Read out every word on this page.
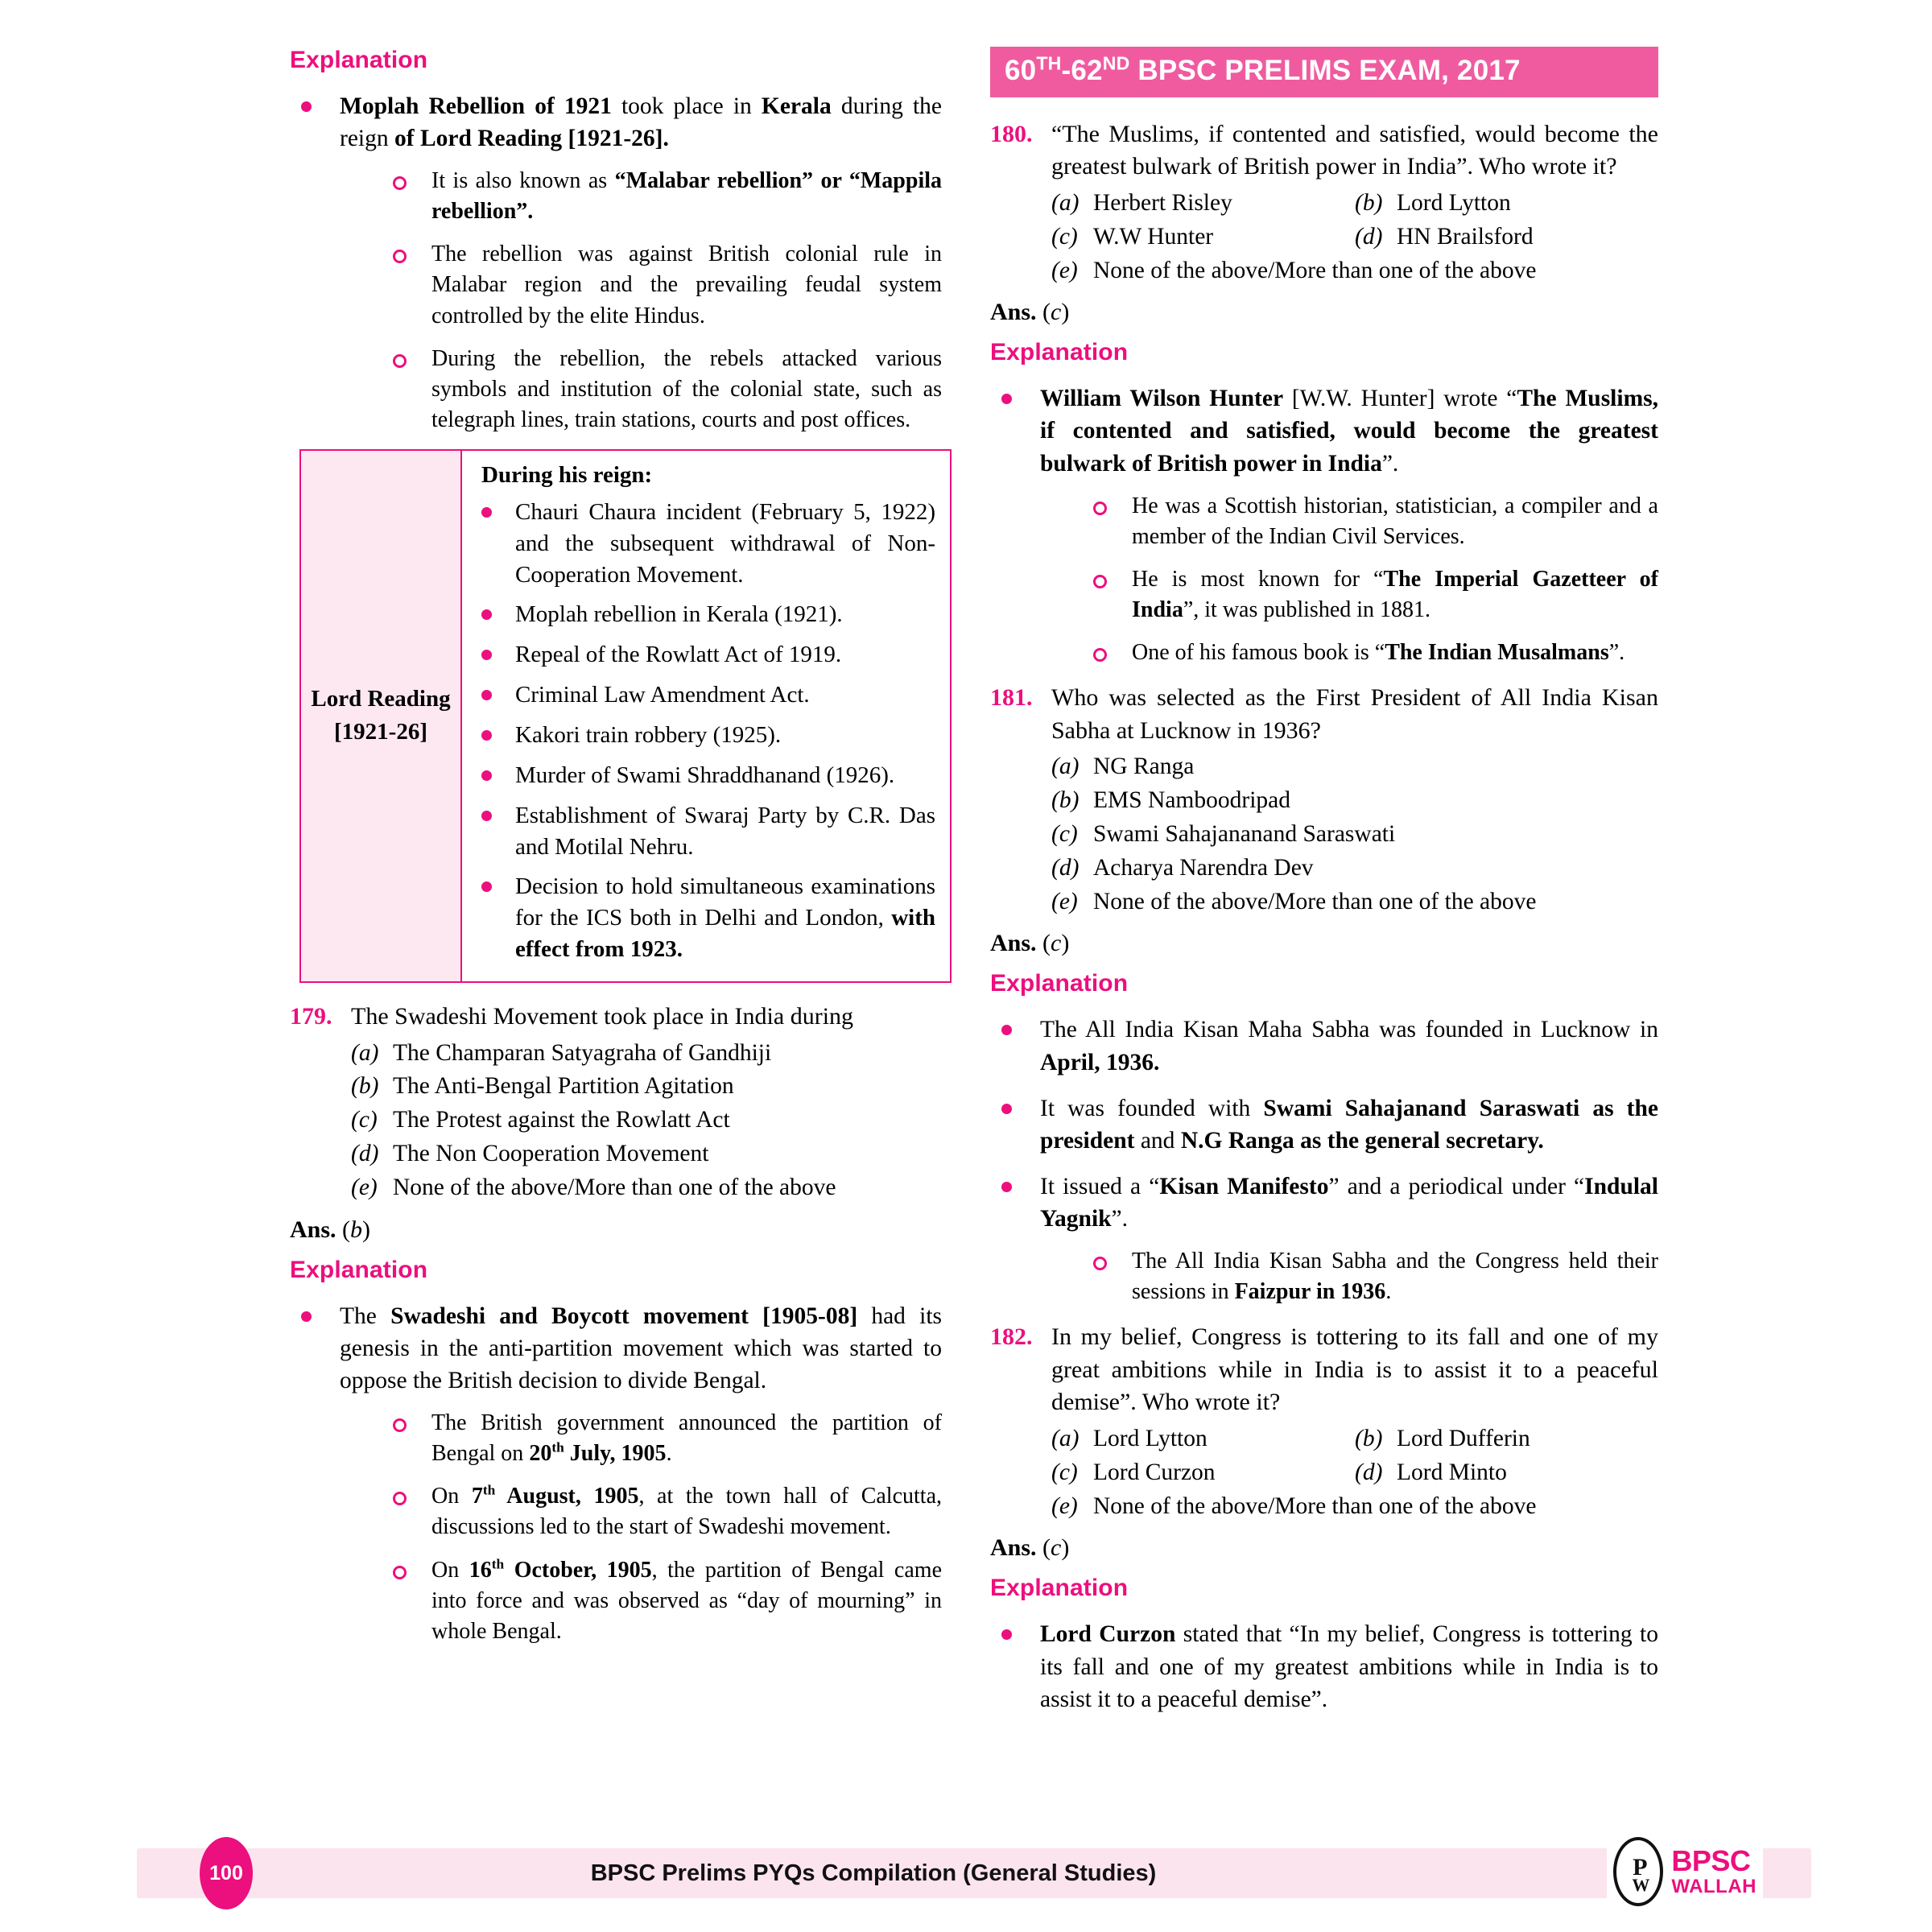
Explanation
Moplah Rebellion of 1921 took place in Kerala during the reign of Lord Reading [1921-26].
It is also known as “Malabar rebellion” or “Mappila rebellion”.
The rebellion was against British colonial rule in Malabar region and the prevailing feudal system controlled by the elite Hindus.
During the rebellion, the rebels attacked various symbols and institution of the colonial state, such as telegraph lines, train stations, courts and post offices.
Lord Reading [1921-26]	
During his reign:
Chauri Chaura incident (February 5, 1922) and the subsequent withdrawal of Non-Cooperation Movement.
Moplah rebellion in Kerala (1921).
Repeal of the Rowlatt Act of 1919.
Criminal Law Amendment Act.
Kakori train robbery (1925).
Murder of Swami Shraddhanand (1926).
Establishment of Swaraj Party by C.R. Das and Motilal Nehru.
Decision to hold simultaneous examinations for the ICS both in Delhi and London, with effect from 1923.
179. The Swadeshi Movement took place in India during
(a) The Champaran Satyagraha of Gandhiji
(b) The Anti-Bengal Partition Agitation
(c) The Protest against the Rowlatt Act
(d) The Non Cooperation Movement
(e) None of the above/More than one of the above
Ans. (b)
Explanation
The Swadeshi and Boycott movement [1905-08] had its genesis in the anti-partition movement which was started to oppose the British decision to divide Bengal.
The British government announced the partition of Bengal on 20th July, 1905.
On 7th August, 1905, at the town hall of Calcutta, discussions led to the start of Swadeshi movement.
On 16th October, 1905, the partition of Bengal came into force and was observed as “day of mourning” in whole Bengal.
60TH-62ND BPSC PRELIMS EXAM, 2017
180. “The Muslims, if contented and satisfied, would become the greatest bulwark of British power in India”. Who wrote it?
(a) Herbert Risley	(b) Lord Lytton
(c) W.W Hunter	(d) HN Brailsford
(e) None of the above/More than one of the above
Ans. (c)
Explanation
William Wilson Hunter [W.W. Hunter] wrote “The Muslims, if contented and satisfied, would become the greatest bulwark of British power in India”.
He was a Scottish historian, statistician, a compiler and a member of the Indian Civil Services.
He is most known for “The Imperial Gazetteer of India”, it was published in 1881.
One of his famous book is “The Indian Musalmans”.
181. Who was selected as the First President of All India Kisan Sabha at Lucknow in 1936?
(a) NG Ranga
(b) EMS Namboodripad
(c) Swami Sahajananand Saraswati
(d) Acharya Narendra Dev
(e) None of the above/More than one of the above
Ans. (c)
Explanation
The All India Kisan Maha Sabha was founded in Lucknow in April, 1936.
It was founded with Swami Sahajanand Saraswati as the president and N.G Ranga as the general secretary.
It issued a “Kisan Manifesto” and a periodical under “Indulal Yagnik”.
The All India Kisan Sabha and the Congress held their sessions in Faizpur in 1936.
182. In my belief, Congress is tottering to its fall and one of my great ambitions while in India is to assist it to a peaceful demise”. Who wrote it?
(a) Lord Lytton	(b) Lord Dufferin
(c) Lord Curzon	(d) Lord Minto
(e) None of the above/More than one of the above
Ans. (c)
Explanation
Lord Curzon stated that “In my belief, Congress is tottering to its fall and one of my greatest ambitions while in India is to assist it to a peaceful demise”.
BPSC Prelims PYQs Compilation (General Studies)
100	P
W
BPSC
WALLAH
